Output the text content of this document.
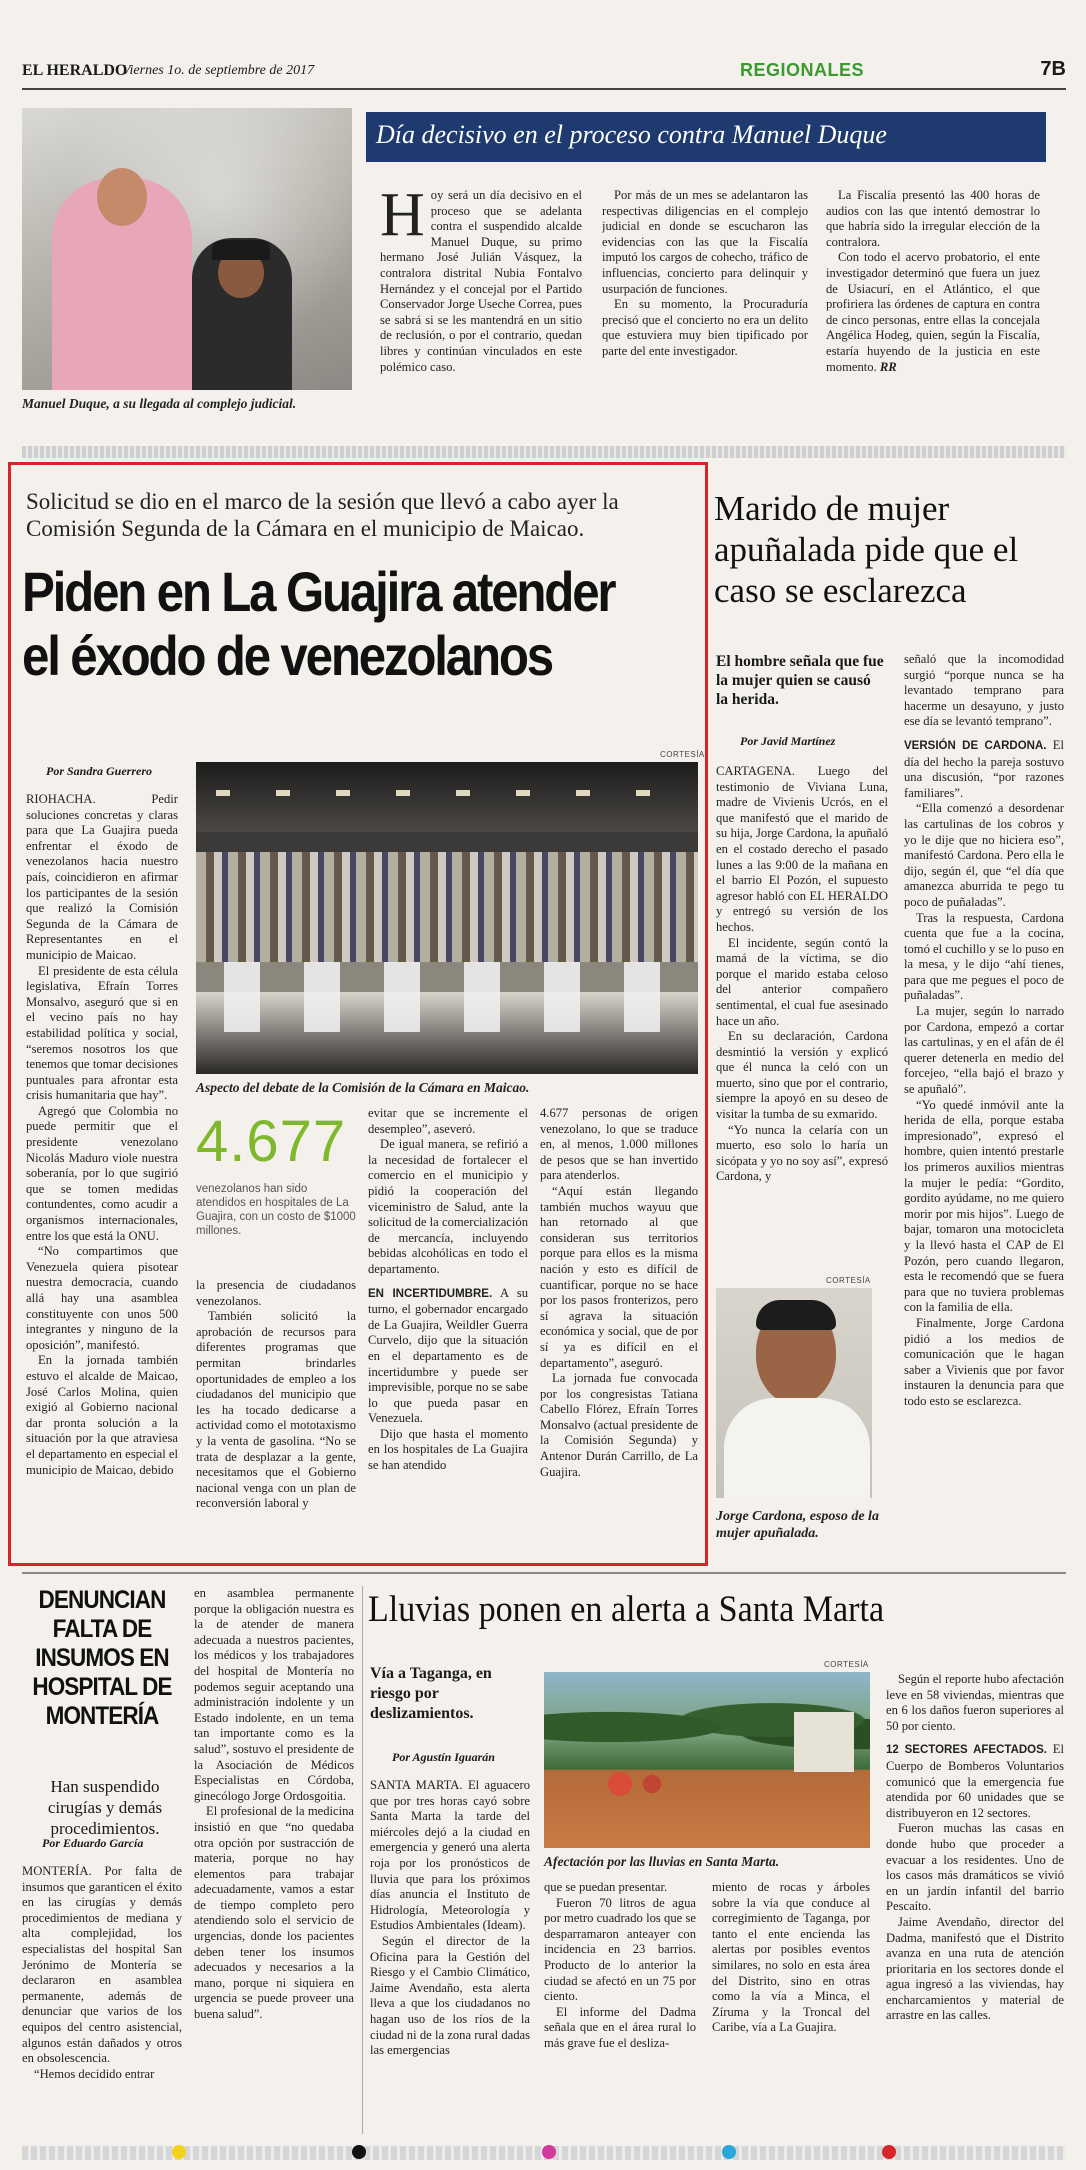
EL HERALDO
Viernes 1o. de septiembre de 2017	REGIONALES	7B
Manuel Duque, a su llegada al complejo judicial.
Día decisivo en el proceso contra Manuel Duque
H oy será un día decisivo en el proceso que se adelanta contra el suspendido alcalde Manuel Duque, su primo hermano José Julián Vásquez, la contralora distrital Nubia Fontalvo Hernández y el concejal por el Partido Conservador Jorge Useche Correa, pues se sabrá si se les mantendrá en un sitio de reclusión, o por el contrario, quedan libres y continúan vinculados en este polémico caso.

Por más de un mes se adelantaron las respectivas diligencias en el complejo judicial en donde se escucharon las evidencias con las que la Fiscalía imputó los cargos de cohecho, tráfico de influencias, concierto para delinquir y usurpación de funciones.

En su momento, la Procuraduría precisó que el concierto no era un delito que estuviera muy bien tipificado por parte del ente investigador.

La Fiscalía presentó las 400 horas de audios con las que intentó demostrar lo que habría sido la irregular elección de la contralora.

Con todo el acervo probatorio, el ente investigador determinó que fuera un juez de Usiacurí, en el Atlántico, el que profiriera las órdenes de captura en contra de cinco personas, entre ellas la concejala Angélica Hodeg, quien, según la Fiscalía, estaría huyendo de la justicia en este momento. RR

Solicitud se dio en el marco de la sesión que llevó a cabo ayer la Comisión Segunda de la Cámara en el municipio de Maicao.
Piden en La Guajira atender el éxodo de venezolanos
Por Sandra Guerrero

RIOHACHA.	Pedir soluciones concretas y claras para que La Guajira pueda enfrentar el éxodo de venezolanos hacia nuestro país, coincidieron en afirmar los participantes de la sesión que realizó la Comisión Segunda de la Cámara de Representantes en el municipio de Maicao.

El presidente de esta célula legislativa, Efraín Torres Monsalvo, aseguró que si en el vecino país no hay estabilidad política y social, “seremos nosotros los que tenemos que tomar decisiones puntuales para afrontar esta crisis humanitaria que hay”.

Agregó que Colombia no puede permitir que el presidente venezolano Nicolás Maduro viole nuestra soberanía, por lo que sugirió que se tomen medidas contundentes, como acudir a organismos internacionales, entre los que está la ONU.

“No compartimos que Venezuela quiera pisotear nuestra democracia, cuando allá hay una asamblea constituyente con unos 500 integrantes y ninguno de la oposición”, manifestó.

En la jornada también estuvo el alcalde de Maicao, José Carlos Molina, quien exigió al Gobierno nacional dar pronta solución a la situación por la que atraviesa el departamento en especial el municipio de Maicao, debido

CORTESÍA
Aspecto del debate de la Comisión de la Cámara en Maicao.
4.677
venezolanos han sido atendidos en hospitales de La Guajira, con un costo de $1000 millones.

la presencia de ciudadanos venezolanos.

También solicitó la aprobación de recursos para diferentes programas que permitan brindarles oportunidades de empleo a los ciudadanos del municipio que les ha tocado dedicarse a actividad como el mototaxismo y la venta de gasolina. “No se trata de desplazar a la gente, necesitamos que el Gobierno nacional venga con un plan de reconversión laboral y

evitar que se incremente el desempleo”, aseveró.

De igual manera, se refirió a la necesidad de fortalecer el comercio en el municipio y pidió la cooperación del viceministro de Salud, ante la solicitud de la comercialización de mercancía, incluyendo bebidas alcohólicas en todo el departamento.

EN INCERTIDUMBRE. A su turno, el gobernador encargado de La Guajira, Weildler Guerra Curvelo, dijo que la situación en el departamento es de incertidumbre y puede ser imprevisible, porque no se sabe lo que pueda pasar en Venezuela.

Dijo que hasta el momento en los hospitales de La Guajira se han atendido

4.677 personas de origen venezolano, lo que se traduce en, al menos, 1.000 millones de pesos que se han invertido para atenderlos.

“Aquí están llegando también muchos wayuu que han retornado al que consideran sus territorios porque para ellos es la misma nación y esto es difícil de cuantificar, porque no se hace por los pasos fronterizos, pero sí agrava la situación económica y social, que de por sí ya es difícil en el departamento”, aseguró.

La jornada fue convocada por los congresistas Tatiana Cabello Flórez, Efraín Torres Monsalvo (actual presidente de la Comisión Segunda) y Antenor Durán Carrillo, de La Guajira.

Marido de mujer apuñalada pide que el caso se esclarezca
El hombre señala que fue la mujer quien se causó la herida.
Por Javid Martínez

CARTAGENA. Luego del testimonio de Viviana Luna, madre de Vivienis Ucrós, en el que manifestó que el marido de su hija, Jorge Cardona, la apuñaló en el costado derecho el pasado lunes a las 9:00 de la mañana en el barrio El Pozón, el supuesto agresor habló con EL HERALDO y entregó su versión de los hechos.

El incidente, según contó la mamá de la víctima, se dio porque el marido estaba celoso del anterior compañero sentimental, el cual fue asesinado hace un año.

En su declaración, Cardona desmintió la versión y explicó que él nunca la celó con un muerto, sino que por el contrario, siempre la apoyó en su deseo de visitar la tumba de su exmarido.

“Yo nunca la celaría con un muerto, eso solo lo haría un sicópata y yo no soy así”, expresó Cardona, y

CORTESÍA
Jorge Cardona, esposo de la mujer apuñalada.

señaló que la incomodidad surgió “porque nunca se ha levantado temprano para hacerme un desayuno, y justo ese día se levantó temprano”.

VERSIÓN DE CARDONA. El día del hecho la pareja sostuvo una discusión, “por razones familiares”.

“Ella comenzó a desordenar las cartulinas de los cobros y yo le dije que no hiciera eso”, manifestó Cardona. Pero ella le dijo, según él, que “el día que amanezca aburrida te pego tu poco de puñaladas”.

Tras la respuesta, Cardona cuenta que fue a la cocina, tomó el cuchillo y se lo puso en la mesa, y le dijo “ahí tienes, para que me pegues el poco de puñaladas”.

La mujer, según lo narrado por Cardona, empezó a cortar las cartulinas, y en el afán de él querer detenerla en medio del forcejeo, “ella bajó el brazo y se apuñaló”.

“Yo quedé inmóvil ante la herida de ella, porque estaba impresionado”, expresó el hombre, quien intentó prestarle los primeros auxilios mientras la mujer le pedía: “Gordito, gordito ayúdame, no me quiero morir por mis hijos”. Luego de bajar, tomaron una motocicleta y la llevó hasta el CAP de El Pozón, pero cuando llegaron, esta le recomendó que se fuera para que no tuviera problemas con la familia de ella.

Finalmente, Jorge Cardona pidió a los medios de comunicación que le hagan saber a Vivienis que por favor instauren la denuncia para que todo esto se esclarezca.

DENUNCIAN FALTA DE INSUMOS EN HOSPITAL DE MONTERÍA
Han suspendido cirugías y demás procedimientos.
Por Eduardo García

MONTERÍA. Por falta de insumos que garanticen el éxito en las cirugías y demás procedimientos de mediana y alta complejidad, los especialistas del hospital San Jerónimo de Montería se declararon en asamblea permanente, además de denunciar que varios de los equipos del centro asistencial, algunos están dañados y otros en obsolescencia.

“Hemos decidido entrar

en asamblea permanente porque la obligación nuestra es la de atender de manera adecuada a nuestros pacientes, los médicos y los trabajadores del hospital de Montería no podemos seguir aceptando una administración indolente y un Estado indolente, en un tema tan importante como es la salud”, sostuvo el presidente de la Asociación de Médicos Especialistas en Córdoba, ginecólogo Jorge Ordosgoitia.

El profesional de la medicina insistió en que “no quedaba otra opción por sustracción de materia, porque no hay elementos para trabajar adecuadamente, vamos a estar de tiempo completo pero atendiendo solo el servicio de urgencias, donde los pacientes deben tener los insumos adecuados y necesarios a la mano, porque ni siquiera en urgencia se puede proveer una buena salud”.

Lluvias ponen en alerta a Santa Marta
Vía a Taganga, en riesgo por deslizamientos.
Por Agustín Iguarán

SANTA MARTA. El aguacero que por tres horas cayó sobre Santa Marta la tarde del miércoles dejó a la ciudad en emergencia y generó una alerta roja por los pronósticos de lluvia que para los próximos días anuncia el Instituto de Hidrología, Meteorología y Estudios Ambientales (Ideam).

Según el director de la Oficina para la Gestión del Riesgo y el Cambio Climático, Jaime Avendaño, esta alerta lleva a que los ciudadanos no hagan uso de los ríos de la ciudad ni de la zona rural dadas las emergencias

CORTESÍA
Afectación por las lluvias en Santa Marta.

que se puedan presentar.

Fueron 70 litros de agua por metro cuadrado los que se desparramaron anteayer con incidencia en 23 barrios. Producto de lo anterior la ciudad se afectó en un 75 por ciento.

El informe del Dadma señala que en el área rural lo más grave fue el desliza-

miento de rocas y árboles sobre la vía que conduce al corregimiento de Taganga, por tanto el ente encienda las alertas por posibles eventos similares, no solo en esta área del Distrito, sino en otras como la vía a Minca, el Zíruma y la Troncal del Caribe, vía a La Guajira.

Según el reporte hubo afectación leve en 58 viviendas, mientras que en 6 los daños fueron superiores al 50 por ciento.

12 SECTORES AFECTADOS. El Cuerpo de Bomberos Voluntarios comunicó que la emergencia fue atendida por 60 unidades que se distribuyeron en 12 sectores.

Fueron muchas las casas en donde hubo que proceder a evacuar a los residentes. Uno de los casos más dramáticos se vivió en un jardín infantil del barrio Pescaíto.

Jaime Avendaño, director del Dadma, manifestó que el Distrito avanza en una ruta de atención prioritaria en los sectores donde el agua ingresó a las viviendas, hay encharcamientos y material de arrastre en las calles.
